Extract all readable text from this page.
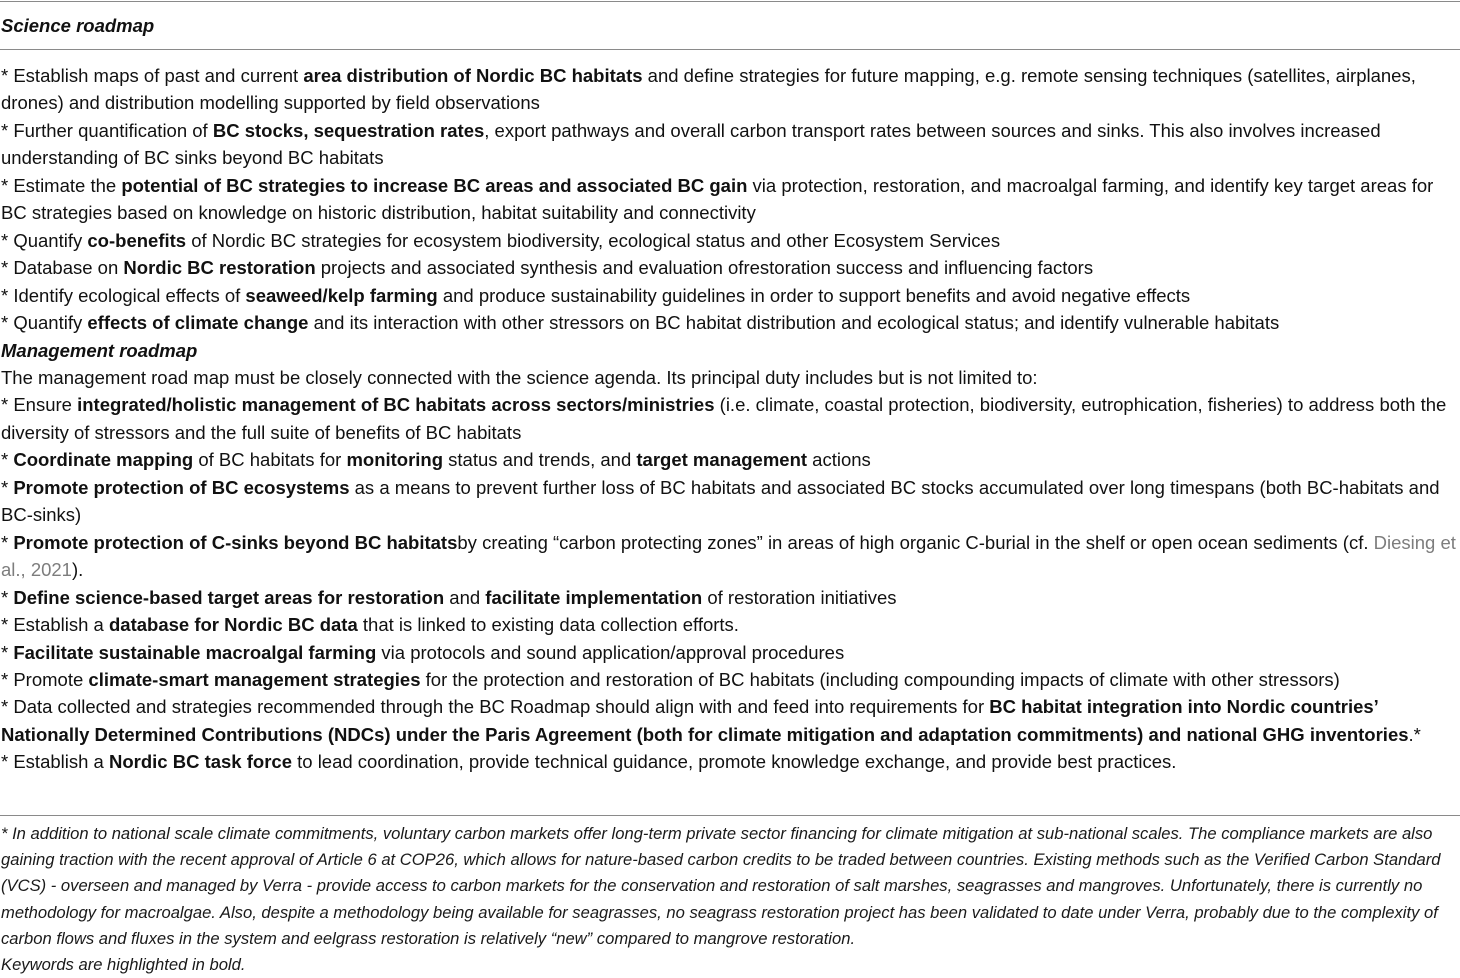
Science roadmap

* Establish maps of past and current area distribution of Nordic BC habitats and define strategies for future mapping, e.g. remote sensing techniques (satellites, airplanes, drones) and distribution modelling supported by field observations

* Further quantification of BC stocks, sequestration rates, export pathways and overall carbon transport rates between sources and sinks. This also involves increased understanding of BC sinks beyond BC habitats

* Estimate the potential of BC strategies to increase BC areas and associated BC gain via protection, restoration, and macroalgal farming, and identify key target areas for BC strategies based on knowledge on historic distribution, habitat suitability and connectivity

* Quantify co-benefits of Nordic BC strategies for ecosystem biodiversity, ecological status and other Ecosystem Services

* Database on Nordic BC restoration projects and associated synthesis and evaluation ofrestoration success and influencing factors

* Identify ecological effects of seaweed/kelp farming and produce sustainability guidelines in order to support benefits and avoid negative effects

* Quantify effects of climate change and its interaction with other stressors on BC habitat distribution and ecological status; and identify vulnerable habitats

Management roadmap

The management road map must be closely connected with the science agenda. Its principal duty includes but is not limited to:

* Ensure integrated/holistic management of BC habitats across sectors/ministries (i.e. climate, coastal protection, biodiversity, eutrophication, fisheries) to address both the diversity of stressors and the full suite of benefits of BC habitats

* Coordinate mapping of BC habitats for monitoring status and trends, and target management actions

* Promote protection of BC ecosystems as a means to prevent further loss of BC habitats and associated BC stocks accumulated over long timespans (both BC-habitats and BC-sinks)

* Promote protection of C-sinks beyond BC habitatsby creating “carbon protecting zones” in areas of high organic C-burial in the shelf or open ocean sediments (cf. Diesing et al., 2021).

* Define science-based target areas for restoration and facilitate implementation of restoration initiatives

* Establish a database for Nordic BC data that is linked to existing data collection efforts.

* Facilitate sustainable macroalgal farming via protocols and sound application/approval procedures

* Promote climate-smart management strategies for the protection and restoration of BC habitats (including compounding impacts of climate with other stressors)

* Data collected and strategies recommended through the BC Roadmap should align with and feed into requirements for BC habitat integration into Nordic countries’ Nationally Determined Contributions (NDCs) under the Paris Agreement (both for climate mitigation and adaptation commitments) and national GHG inventories.*

* Establish a Nordic BC task force to lead coordination, provide technical guidance, promote knowledge exchange, and provide best practices.

* In addition to national scale climate commitments, voluntary carbon markets offer long-term private sector financing for climate mitigation at sub-national scales. The compliance markets are also gaining traction with the recent approval of Article 6 at COP26, which allows for nature-based carbon credits to be traded between countries. Existing methods such as the Verified Carbon Standard (VCS) - overseen and managed by Verra - provide access to carbon markets for the conservation and restoration of salt marshes, seagrasses and mangroves. Unfortunately, there is currently no methodology for macroalgae. Also, despite a methodology being available for seagrasses, no seagrass restoration project has been validated to date under Verra, probably due to the complexity of carbon flows and fluxes in the system and eelgrass restoration is relatively “new” compared to mangrove restoration.

Keywords are highlighted in bold.
